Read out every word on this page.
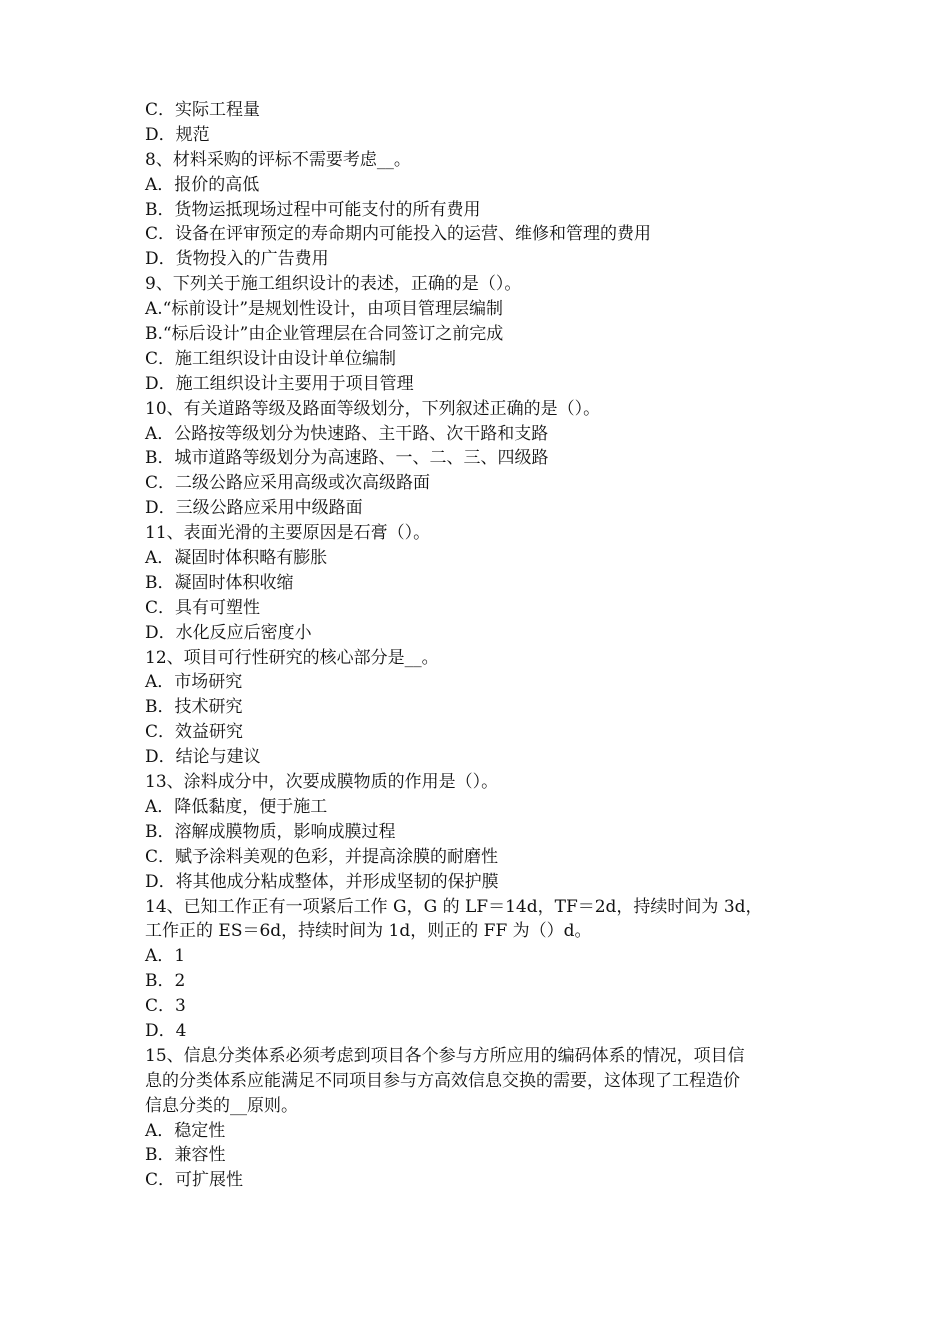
C．实际工程量
D．规范
8、材料采购的评标不需要考虑__。
A．报价的高低
B．货物运抵现场过程中可能支付的所有费用
C．设备在评审预定的寿命期内可能投入的运营、维修和管理的费用
D．货物投入的广告费用
9、下列关于施工组织设计的表述，正确的是（）。
A.“标前设计”是规划性设计，由项目管理层编制
B.“标后设计”由企业管理层在合同签订之前完成
C．施工组织设计由设计单位编制
D．施工组织设计主要用于项目管理
10、有关道路等级及路面等级划分，下列叙述正确的是（）。
A．公路按等级划分为快速路、主干路、次干路和支路
B．城市道路等级划分为高速路、一、二、三、四级路
C．二级公路应采用高级或次高级路面
D．三级公路应采用中级路面
11、表面光滑的主要原因是石膏（）。
A．凝固时体积略有膨胀
B．凝固时体积收缩
C．具有可塑性
D．水化反应后密度小
12、项目可行性研究的核心部分是__。
A．市场研究
B．技术研究
C．效益研究
D．结论与建议
13、涂料成分中，次要成膜物质的作用是（）。
A．降低黏度，便于施工
B．溶解成膜物质，影响成膜过程
C．赋予涂料美观的色彩，并提高涂膜的耐磨性
D．将其他成分粘成整体，并形成坚韧的保护膜
14、已知工作正有一项紧后工作 G，G 的 LF＝14d，TF＝2d，持续时间为 3d，
工作正的 ES＝6d，持续时间为 1d，则正的 FF 为（）d。
A．1
B．2
C．3
D．4
15、信息分类体系必须考虑到项目各个参与方所应用的编码体系的情况，项目信
息的分类体系应能满足不同项目参与方高效信息交换的需要，这体现了工程造价
信息分类的__原则。
A．稳定性
B．兼容性
C．可扩展性
